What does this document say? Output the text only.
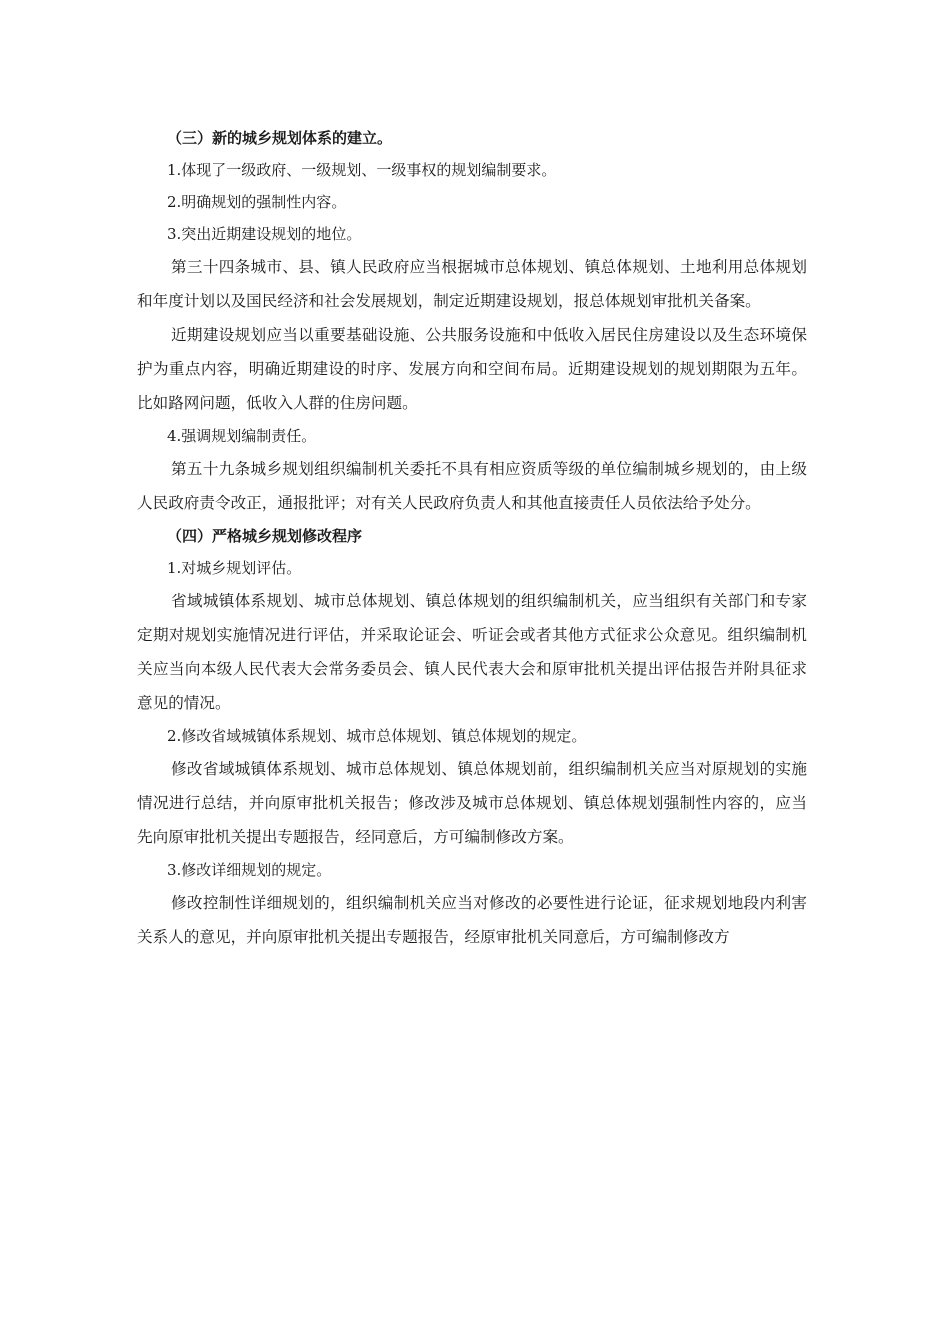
（三）新的城乡规划体系的建立。

1.体现了一级政府、一级规划、一级事权的规划编制要求。

2.明确规划的强制性内容。

3.突出近期建设规划的地位。

第三十四条城市、县、镇人民政府应当根据城市总体规划、镇总体规划、土地利用总体规划和年度计划以及国民经济和社会发展规划，制定近期建设规划，报总体规划审批机关备案。

近期建设规划应当以重要基础设施、公共服务设施和中低收入居民住房建设以及生态环境保护为重点内容，明确近期建设的时序、发展方向和空间布局。近期建设规划的规划期限为五年。比如路网问题，低收入人群的住房问题。

4.强调规划编制责任。

第五十九条城乡规划组织编制机关委托不具有相应资质等级的单位编制城乡规划的，由上级人民政府责令改正，通报批评；对有关人民政府负责人和其他直接责任人员依法给予处分。

（四）严格城乡规划修改程序

1.对城乡规划评估。

省域城镇体系规划、城市总体规划、镇总体规划的组织编制机关，应当组织有关部门和专家定期对规划实施情况进行评估，并采取论证会、听证会或者其他方式征求公众意见。组织编制机关应当向本级人民代表大会常务委员会、镇人民代表大会和原审批机关提出评估报告并附具征求意见的情况。

2.修改省域城镇体系规划、城市总体规划、镇总体规划的规定。

修改省域城镇体系规划、城市总体规划、镇总体规划前，组织编制机关应当对原规划的实施情况进行总结，并向原审批机关报告；修改涉及城市总体规划、镇总体规划强制性内容的，应当先向原审批机关提出专题报告，经同意后，方可编制修改方案。

3.修改详细规划的规定。

修改控制性详细规划的，组织编制机关应当对修改的必要性进行论证，征求规划地段内利害关系人的意见，并向原审批机关提出专题报告，经原审批机关同意后，方可编制修改方
